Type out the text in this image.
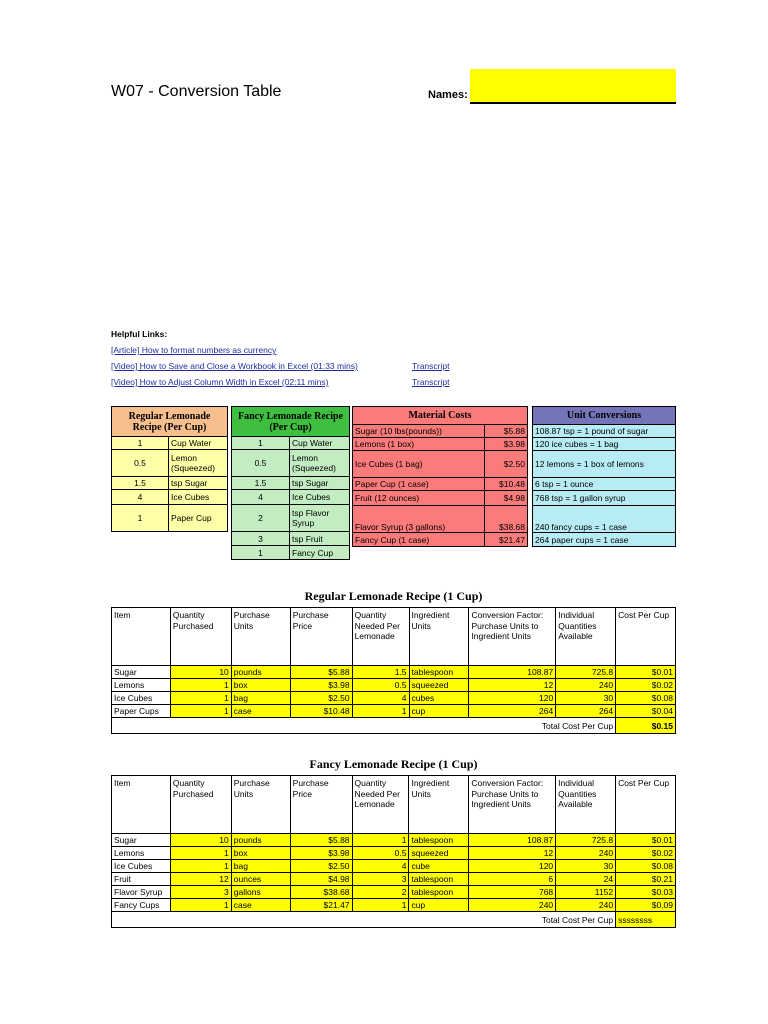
W07 - Conversion Table	Names:
Helpful Links:
[Article] How to format numbers as currency
[Video] How to Save and Close a Workbook in Excel (01:33 mins)	Transcript
[Video] How to Adjust Column Width in Excel (02:11 mins)	Transcript
Regular Lemonade Recipe (Per Cup)	
1	Cup Water
0.5	Lemon (Squeezed)
1.5	tsp Sugar
4	Ice Cubes
1	Paper Cup
Fancy Lemonade Recipe (Per Cup)	
1	Cup Water
0.5	Lemon (Squeezed)
1.5	tsp Sugar
4	Ice Cubes
2	tsp Flavor Syrup
3	tsp Fruit
1	Fancy Cup
Material Costs	
Sugar (10 lbs(pounds))	$5.88
Lemons (1 box)	$3.98
Ice Cubes (1 bag)	$2.50
Paper Cup (1 case)	$10.48
Fruit (12 ounces)	$4.98
Flavor Syrup (3 gallons)	$38.68
Fancy Cup (1 case)	$21.47
Unit Conversions
108.87 tsp = 1 pound of sugar
120 ice cubes = 1 bag
12 lemons = 1 box of lemons
6 tsp = 1 ounce
768 tsp = 1 gallon syrup
240 fancy cups = 1 case
264 paper cups = 1 case
Regular Lemonade Recipe (1 Cup)
Item	Quantity Purchased	Purchase Units	Purchase Price	Quantity Needed Per Lemonade	Ingredient Units	Conversion Factor: Purchase Units to Ingredient Units	Individual Quantities Available	Cost Per Cup
Sugar	10	pounds	$5.88	1.5	tablespoon	108.87	725.8	$0.01
Lemons	1	box	$3.98	0.5	squeezed	12	240	$0.02
Ice Cubes	1	bag	$2.50	4	cubes	120	30	$0.08
Paper Cups	1	case	$10.48	1	cup	264	264	$0.04
Total Cost Per Cup								$0.15
Fancy Lemonade Recipe (1 Cup)
Item	Quantity Purchased	Purchase Units	Purchase Price	Quantity Needed Per Lemonade	Ingredient Units	Conversion Factor: Purchase Units to Ingredient Units	Individual Quantities Available	Cost Per Cup
Sugar	10	pounds	$5.88	1	tablespoon	108.87	725.8	$0.01
Lemons	1	box	$3.98	0.5	squeezed	12	240	$0.02
Ice Cubes	1	bag	$2.50	4	cube	120	30	$0.08
Fruit	12	ounces	$4.98	3	tablespoon	6	24	$0.21
Flavor Syrup	3	gallons	$38.68	2	tablespoon	768	1152	$0.03
Fancy Cups	1	case	$21.47	1	cup	240	240	$0.09
Total Cost Per Cup								ssssssss
